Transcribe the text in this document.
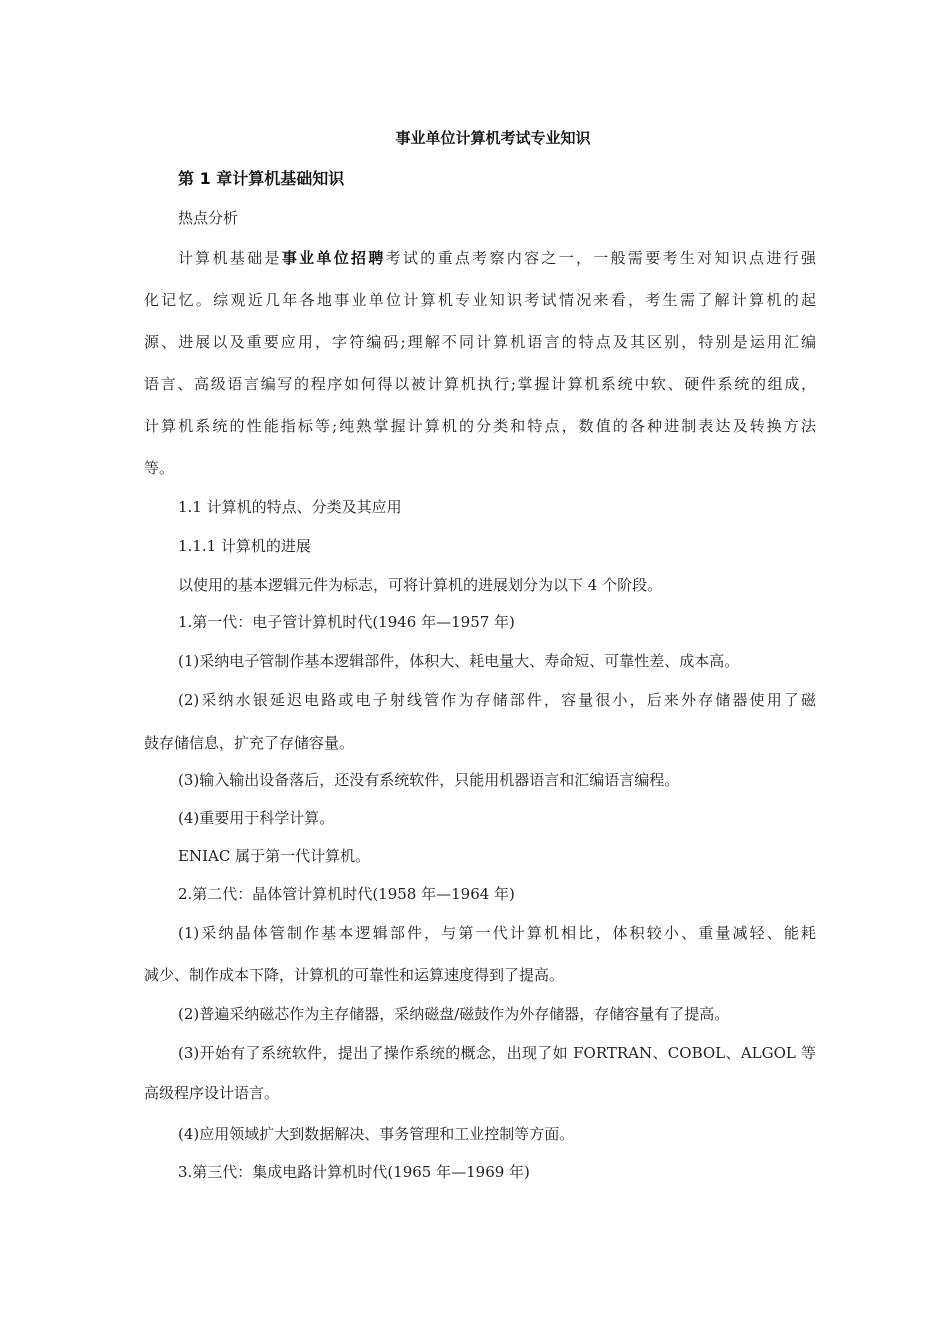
事业单位计算机考试专业知识
第 1 章计算机基础知识
热点分析
计算机基础是事业单位招聘考试的重点考察内容之一，一般需要考生对知识点进行强
化记忆。综观近几年各地事业单位计算机专业知识考试情况来看，考生需了解计算机的起
源、进展以及重要应用，字符编码;理解不同计算机语言的特点及其区别，特别是运用汇编
语言、高级语言编写的程序如何得以被计算机执行;掌握计算机系统中软、硬件系统的组成，
计算机系统的性能指标等;纯熟掌握计算机的分类和特点，数值的各种进制表达及转换方法
等。
1.1 计算机的特点、分类及其应用
1.1.1 计算机的进展
以使用的基本逻辑元件为标志，可将计算机的进展划分为以下 4 个阶段。
1.第一代：电子管计算机时代(1946 年—1957 年)
(1)采纳电子管制作基本逻辑部件，体积大、耗电量大、寿命短、可靠性差、成本高。
(2)采纳水银延迟电路或电子射线管作为存储部件，容量很小，后来外存储器使用了磁
鼓存储信息，扩充了存储容量。
(3)输入输出设备落后，还没有系统软件，只能用机器语言和汇编语言编程。
(4)重要用于科学计算。
ENIAC 属于第一代计算机。
2.第二代：晶体管计算机时代(1958 年—1964 年)
(1)采纳晶体管制作基本逻辑部件，与第一代计算机相比，体积较小、重量减轻、能耗
减少、制作成本下降，计算机的可靠性和运算速度得到了提高。
(2)普遍采纳磁芯作为主存储器，采纳磁盘/磁鼓作为外存储器，存储容量有了提高。
(3)开始有了系统软件，提出了操作系统的概念，出现了如 FORTRAN、COBOL、ALGOL 等
高级程序设计语言。
(4)应用领域扩大到数据解决、事务管理和工业控制等方面。
3.第三代：集成电路计算机时代(1965 年—1969 年)
